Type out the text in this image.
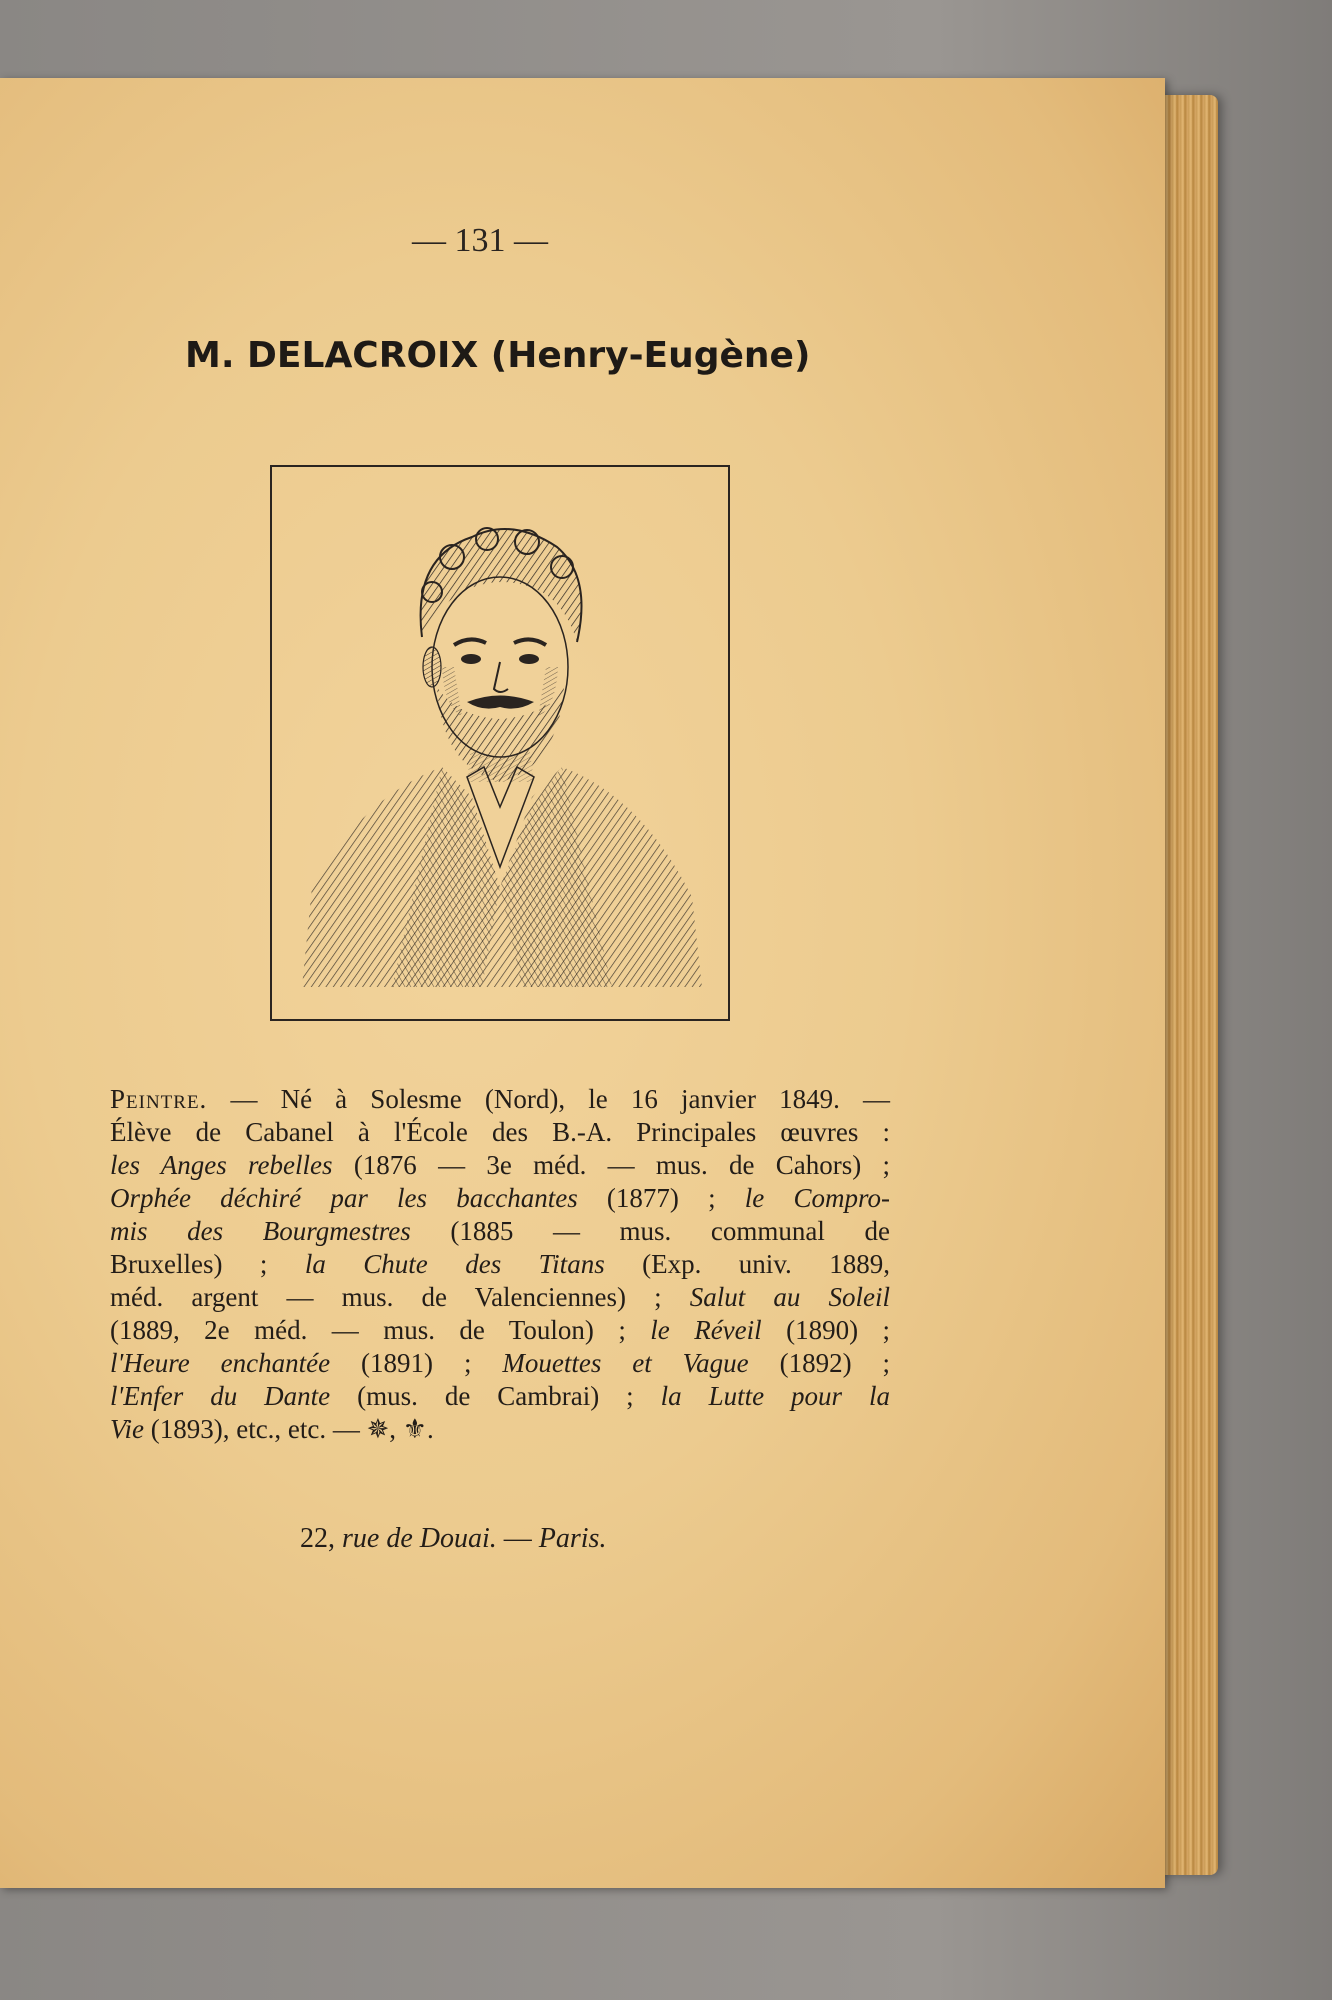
— 131 —
M. DELACROIX (Henry-Eugène)
Peintre. — Né à Solesme (Nord), le 16 janvier 1849. —
Élève de Cabanel à l'École des B.-A. Principales œuvres :
les Anges rebelles (1876 — 3e méd. — mus. de Cahors) ;
Orphée déchiré par les bacchantes (1877) ; le Compro-
mis des Bourgmestres (1885 — mus. communal de
Bruxelles) ; la Chute des Titans (Exp. univ. 1889,
méd. argent — mus. de Valenciennes) ; Salut au Soleil
(1889, 2e méd. — mus. de Toulon) ; le Réveil (1890) ;
l'Heure enchantée (1891) ; Mouettes et Vague (1892) ;
l'Enfer du Dante (mus. de Cambrai) ; la Lutte pour la
Vie (1893), etc., etc. — ✵, ⚜.
22, rue de Douai. — Paris.
